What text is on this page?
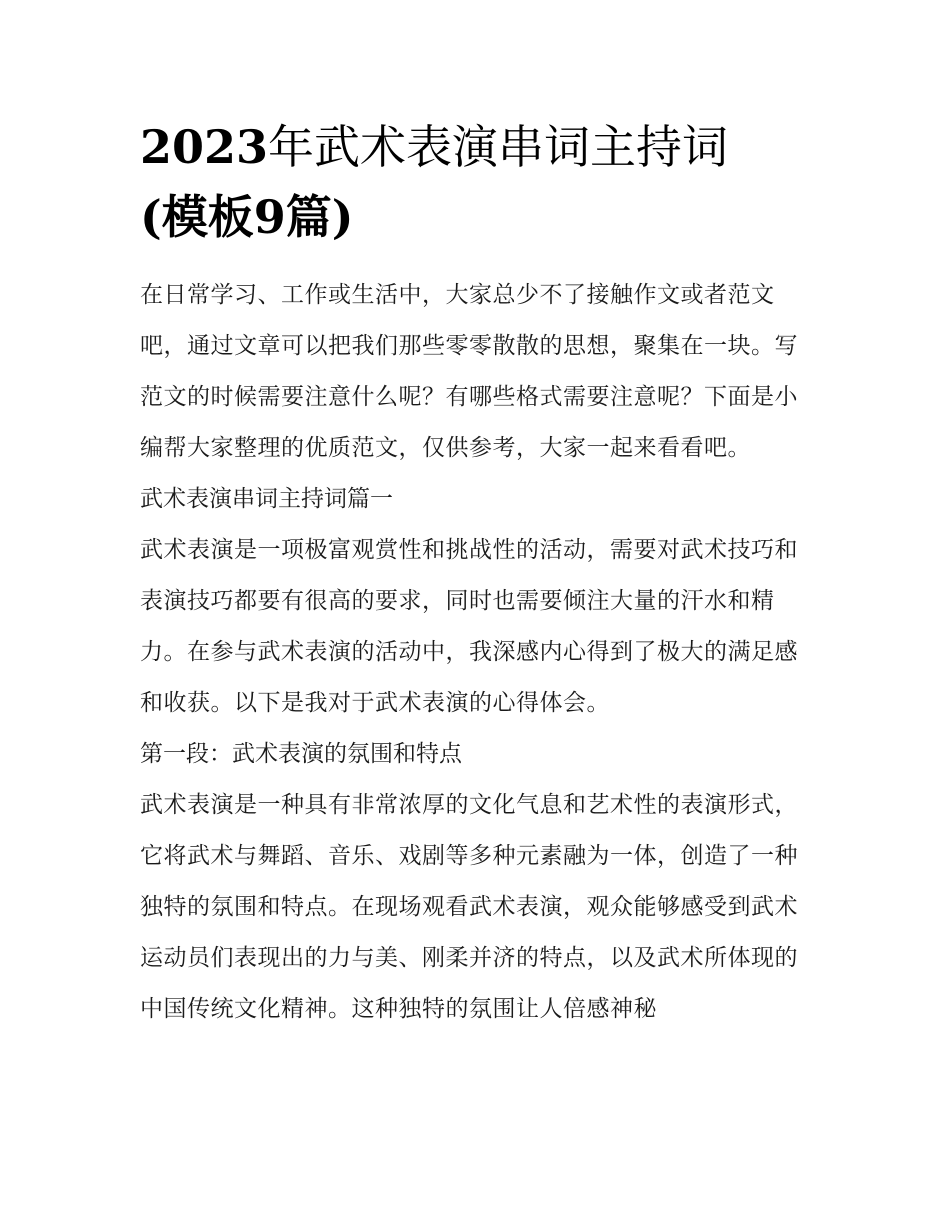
2023年武术表演串词主持词
(模板9篇)

在日常学习、工作或生活中，大家总少不了接触作文或者范文吧，通过文章可以把我们那些零零散散的思想，聚集在一块。写范文的时候需要注意什么呢？有哪些格式需要注意呢？下面是小编帮大家整理的优质范文，仅供参考，大家一起来看看吧。

武术表演串词主持词篇一

武术表演是一项极富观赏性和挑战性的活动，需要对武术技巧和表演技巧都要有很高的要求，同时也需要倾注大量的汗水和精力。在参与武术表演的活动中，我深感内心得到了极大的满足感和收获。以下是我对于武术表演的心得体会。

第一段：武术表演的氛围和特点

武术表演是一种具有非常浓厚的文化气息和艺术性的表演形式，它将武术与舞蹈、音乐、戏剧等多种元素融为一体，创造了一种独特的氛围和特点。在现场观看武术表演，观众能够感受到武术运动员们表现出的力与美、刚柔并济的特点，以及武术所体现的中国传统文化精神。这种独特的氛围让人倍感神秘
